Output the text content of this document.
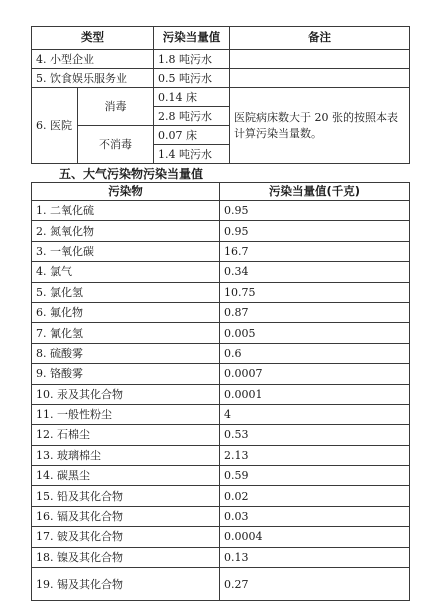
类型		污染当量值	备注
4. 小型企业		1.8 吨污水	
5. 饮食娱乐服务业		0.5 吨污水	
6. 医院	消毒	0.14 床	医院病床数大于 20 张的按照本表计算污染当量数。
		2.8 吨污水	
	不消毒	0.07 床	
		1.4 吨污水	
五、大气污染物污染当量值
污染物	污染当量值(千克)
1. 二氧化硫	0.95
2. 氮氧化物	0.95
3. 一氧化碳	16.7
4. 氯气	0.34
5. 氯化氢	10.75
6. 氟化物	0.87
7. 氰化氢	0.005
8. 硫酸雾	0.6
9. 铬酸雾	0.0007
10. 汞及其化合物	0.0001
11. 一般性粉尘	4
12. 石棉尘	0.53
13. 玻璃棉尘	2.13
14. 碳黑尘	0.59
15. 铅及其化合物	0.02
16. 镉及其化合物	0.03
17. 铍及其化合物	0.0004
18. 镍及其化合物	0.13
19. 锡及其化合物	0.27
